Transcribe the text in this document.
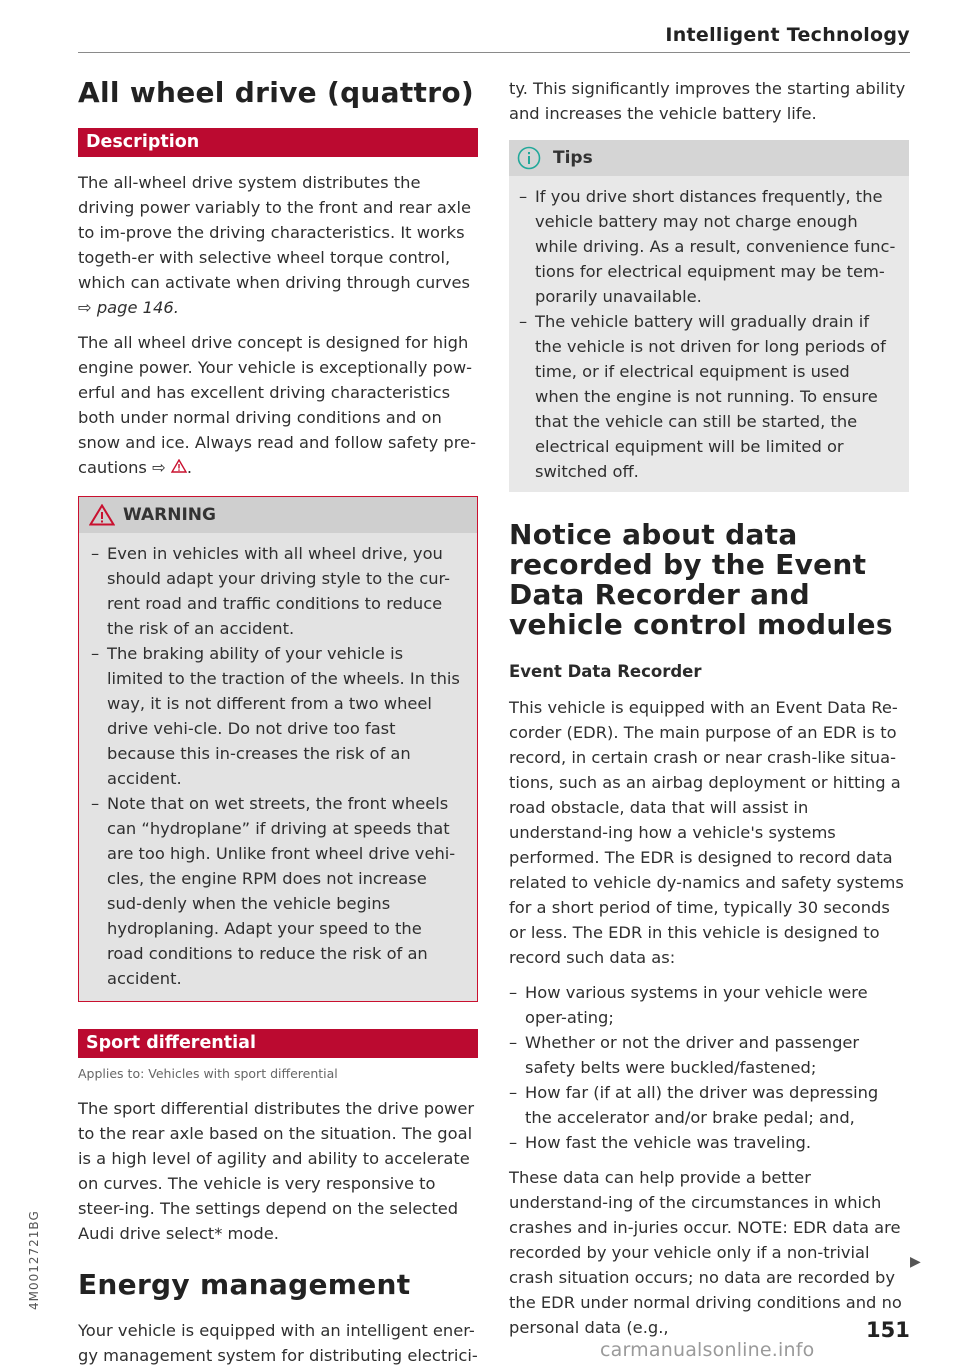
Intelligent Technology
All wheel drive (quattro)
Description

The all-wheel drive system distributes the driving power variably to the front and rear axle to im-prove the driving characteristics. It works togeth-er with selective wheel torque control, which can activate when driving through curves ⇨ page 146.

The all wheel drive concept is designed for high engine power. Your vehicle is exceptionally pow-erful and has excellent driving characteristics both under normal driving conditions and on snow and ice. Always read and follow safety pre-cautions ⇨ .

WARNING
– Even in vehicles with all wheel drive, you should adapt your driving style to the cur-rent road and traffic conditions to reduce the risk of an accident.
– The braking ability of your vehicle is limited to the traction of the wheels. In this way, it is not different from a two wheel drive vehi-cle. Do not drive too fast because this in-creases the risk of an accident.
– Note that on wet streets, the front wheels can “hydroplane” if driving at speeds that are too high. Unlike front wheel drive vehi-cles, the engine RPM does not increase sud-denly when the vehicle begins hydroplaning. Adapt your speed to the road conditions to reduce the risk of an accident.
Sport differential

Applies to: Vehicles with sport differential

The sport differential distributes the drive power to the rear axle based on the situation. The goal is a high level of agility and ability to accelerate on curves. The vehicle is very responsive to steer-ing. The settings depend on the selected Audi drive select* mode.

Energy management

Your vehicle is equipped with an intelligent ener-gy management system for distributing electrici-

ty. This significantly improves the starting ability and increases the vehicle battery life.

Tips
– If you drive short distances frequently, the vehicle battery may not charge enough while driving. As a result, convenience func-tions for electrical equipment may be tem-porarily unavailable.
– The vehicle battery will gradually drain if the vehicle is not driven for long periods of time, or if electrical equipment is used when the engine is not running. To ensure that the vehicle can still be started, the electrical equipment will be limited or switched off.
Notice about data recorded by the Event Data Recorder and vehicle control modules
Event Data Recorder

This vehicle is equipped with an Event Data Re-corder (EDR). The main purpose of an EDR is to record, in certain crash or near crash-like situa-tions, such as an airbag deployment or hitting a road obstacle, data that will assist in understand-ing how a vehicle's systems performed. The EDR is designed to record data related to vehicle dy-namics and safety systems for a short period of time, typically 30 seconds or less. The EDR in this vehicle is designed to record such data as:

– How various systems in your vehicle were oper-ating;
– Whether or not the driver and passenger safety belts were buckled/fastened;
– How far (if at all) the driver was depressing the accelerator and/or brake pedal; and,
– How fast the vehicle was traveling.

These data can help provide a better understand-ing of the circumstances in which crashes and in-juries occur. NOTE: EDR data are recorded by your vehicle only if a non-trivial crash situation occurs; no data are recorded by the EDR under normal driving conditions and no personal data (e.g.,

▶
4M0012721BG
151
carmanualsonline.info
